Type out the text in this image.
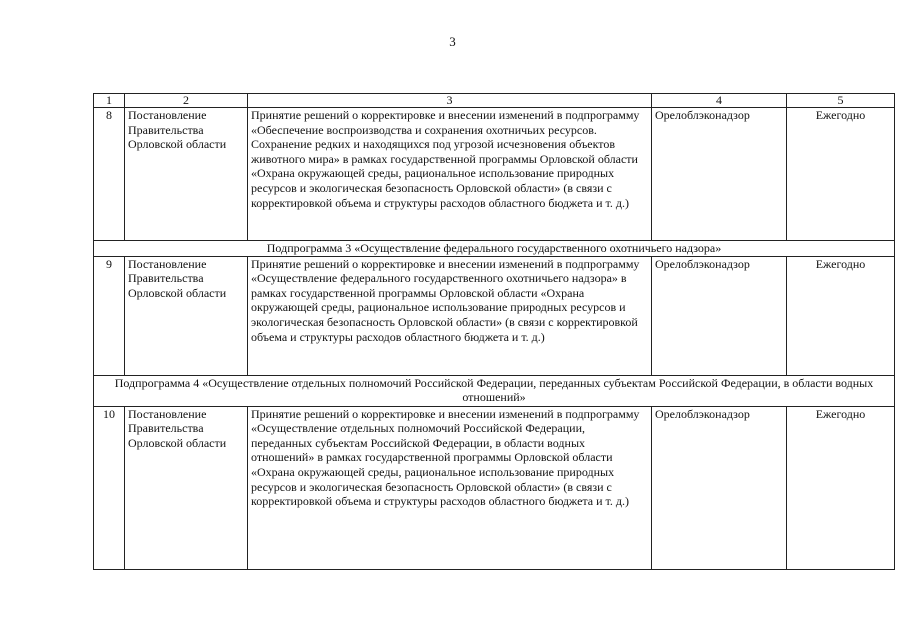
3
1	2	3	4	5
8	Постановление Правительства Орловской области	Принятие решений о корректировке и внесении изменений в подпрограмму «Обеспечение воспроизводства и сохранения охотничьих ресурсов. Сохранение редких и находящихся под угрозой исчезновения объектов животного мира» в рамках государственной программы Орловской области «Охрана окружающей среды, рациональное использование природных ресурсов и экологическая безопасность Орловской области» (в связи с корректировкой объема и структуры расходов областного бюджета и т. д.)	Орелоблэконадзор	Ежегодно
Подпрограмма 3 «Осуществление федерального государственного охотничьего надзора»				
9	Постановление Правительства Орловской области	Принятие решений о корректировке и внесении изменений в подпрограмму «Осуществление федерального государственного охотничьего надзора» в рамках государственной программы Орловской области «Охрана окружающей среды, рациональное использование природных ресурсов и экологическая безопасность Орловской области» (в связи с корректировкой объема и структуры расходов областного бюджета и т. д.)	Орелоблэконадзор	Ежегодно
Подпрограмма 4 «Осуществление отдельных полномочий Российской Федерации, переданных субъектам Российской Федерации, в области водных отношений»				
10	Постановление Правительства Орловской области	Принятие решений о корректировке и внесении изменений в подпрограмму «Осуществление отдельных полномочий Российской Федерации, переданных субъектам Российской Федерации, в области водных отношений» в рамках государственной программы Орловской области «Охрана окружающей среды, рациональное использование природных ресурсов и экологическая безопасность Орловской области» (в связи с корректировкой объема и структуры расходов областного бюджета и т. д.)	Орелоблэконадзор	Ежегодно
